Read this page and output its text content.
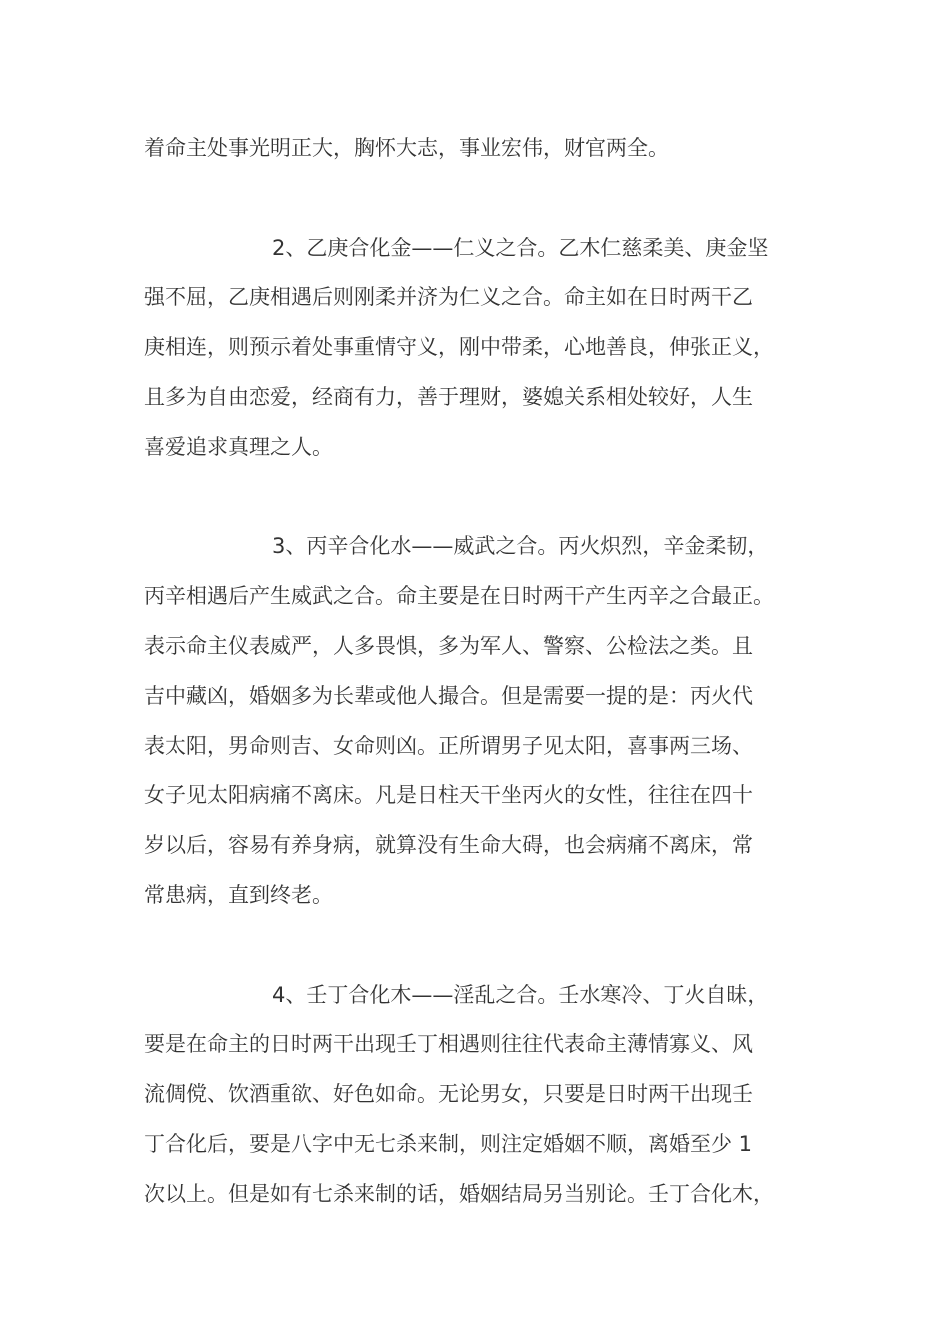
着命主处事光明正大，胸怀大志，事业宏伟，财官两全。
2、乙庚合化金——仁义之合。乙木仁慈柔美、庚金坚
强不屈，乙庚相遇后则刚柔并济为仁义之合。命主如在日时两干乙
庚相连，则预示着处事重情守义，刚中带柔，心地善良，伸张正义，
且多为自由恋爱，经商有力，善于理财，婆媳关系相处较好，人生
喜爱追求真理之人。
3、丙辛合化水——威武之合。丙火炽烈，辛金柔韧，
丙辛相遇后产生威武之合。命主要是在日时两干产生丙辛之合最正。
表示命主仪表威严，人多畏惧，多为军人、警察、公检法之类。且
吉中藏凶，婚姻多为长辈或他人撮合。但是需要一提的是：丙火代
表太阳，男命则吉、女命则凶。正所谓男子见太阳，喜事两三场、
女子见太阳病痛不离床。凡是日柱天干坐丙火的女性，往往在四十
岁以后，容易有养身病，就算没有生命大碍，也会病痛不离床，常
常患病，直到终老。
4、壬丁合化木——淫乱之合。壬水寒冷、丁火自昧，
要是在命主的日时两干出现壬丁相遇则往往代表命主薄情寡义、风
流倜傥、饮酒重欲、好色如命。无论男女，只要是日时两干出现壬
丁合化后，要是八字中无七杀来制，则注定婚姻不顺，离婚至少 1
次以上。但是如有七杀来制的话，婚姻结局另当别论。壬丁合化木，
